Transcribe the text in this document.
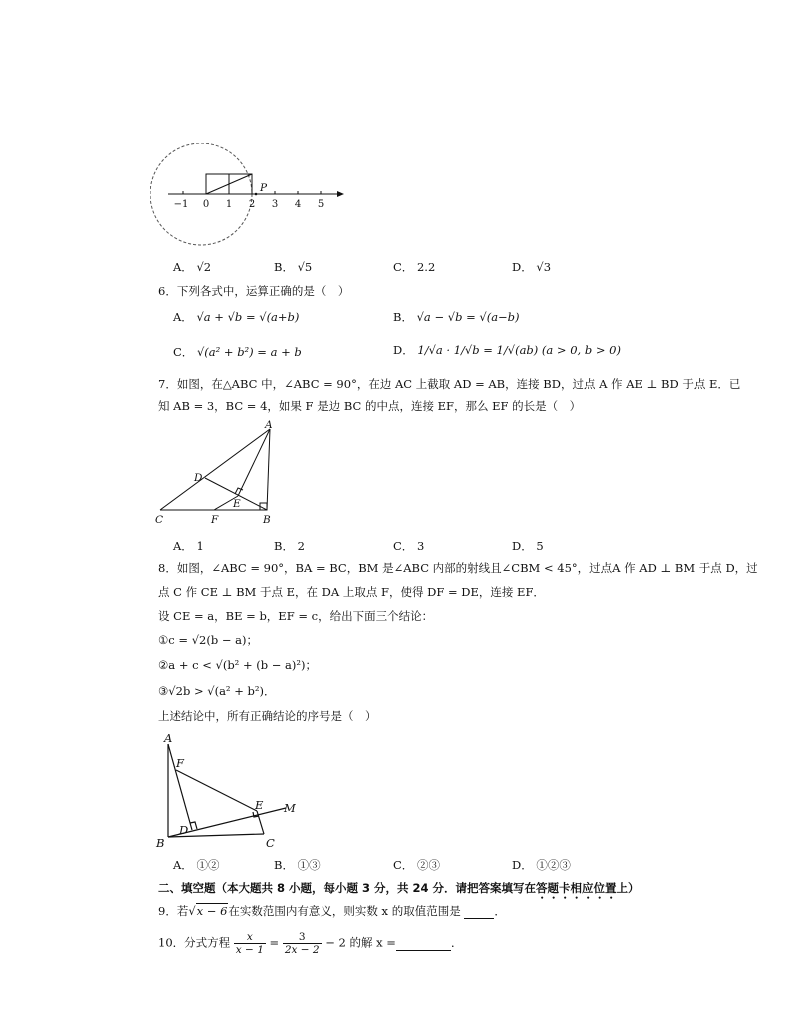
−1 0 1 2 3 4 5
P
A． √2	B． √5	C． 2.2	D． √3
6．下列各式中，运算正确的是（　）
A． √a + √b = √(a+b)	B． √a − √b = √(a−b)
C． √(a² + b²) = a + b	D． 1/√a · 1/√b = 1/√(ab) (a > 0, b > 0)
7．如图，在△ABC 中，∠ABC = 90°，在边 AC 上截取 AD = AB，连接 BD，过点 A 作 AE ⊥ BD 于点 E．已
知 AB = 3，BC = 4，如果 F 是边 BC 的中点，连接 EF，那么 EF 的长是（　）
A
D
E
C	F	B
A． 1	B． 2	C． 3	D． 5
8．如图，∠ABC = 90°，BA = BC，BM 是∠ABC 内部的射线且∠CBM < 45°，过点A 作 AD ⊥ BM 于点 D，过
点 C 作 CE ⊥ BM 于点 E，在 DA 上取点 F，使得 DF = DE，连接 EF．
设 CE = a，BE = b，EF = c，给出下面三个结论：
①c = √2(b − a)；
②a + c < √(b² + (b − a)²)；
③√2b > √(a² + b²)．
上述结论中，所有正确结论的序号是（　）
A
F
E M
D
B	C
A． ①②	B． ①③	C． ②③	D． ①②③
二、填空题（本大题共 8 小题，每小题 3 分，共 24 分．请把答案填写在答题卡相应位置上）
9．若√x − 6在实数范围内有意义，则实数 x 的取值范围是	．
10．分式方程 $\frac{x}{x - 1} = \frac{3}{2x - 2} - 2$ 的解 x =	．
